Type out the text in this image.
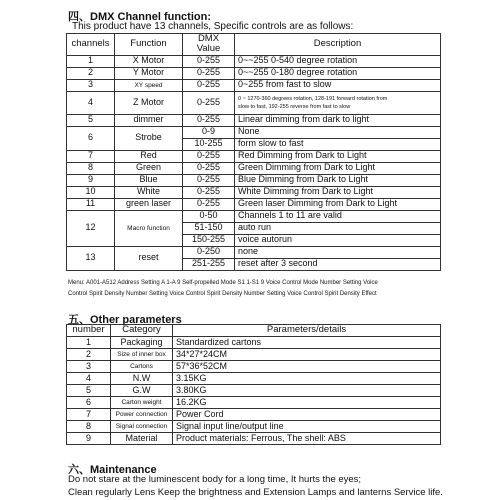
四、DMX Channel function:
This product have 13 channels, Specific controls are as follows:
channels	Function	DMX Value	Description
1	X Motor	0-255	0~~255 0-540 degree rotation
2	Y Motor	0-255	0~~255 0-180 degree rotation
3	XY speed	0-255	0~255 from fast to slow
4	Z Motor	0-255	0 ~ 1270-360 degrees rotation, 128-191 forward rotation from
slow to fast, 192-255 reverse from fast to slow

5	dimmer	0-255	Linear dimming from dark to light
6	Strobe	0-9	None
		10-255	form slow to fast
7	Red	0-255	Red Dimming from Dark to Light
8	Green	0-255	Green Dimming from Dark to Light
9	Blue	0-255	Blue Dimming from Dark to Light
10	White	0-255	White Dimming from Dark to Light
11	green laser	0-255	Green laser Dimming from Dark to Light
12	Macro function	0-50	Channels 1 to 11 are valid
		51-150	auto run
		150-255	voice autorun
13	reset	0-250	none
		251-255	reset after 3 second
Menu: A001-A512 Address Setting A 1-A 9 Self-propelled Mode S1 1-S1 9 Voice Control Mode Number Setting Voice
Control Spirit Density Number Setting Voice Control Spirit Density Number Setting Voice Control Spirit Density Effect
五、Other parameters
number	Category	Parameters/details
1	Packaging	Standardized cartons
2	Size of inner box	34*27*24CM
3	Cartons	57*36*52CM
4	N.W	3.15KG
5	G.W	3.80KG
6	Carton weight	16.2KG
7	Power connection	Power Cord
8	Signal connection	Signal input line/output line
9	Material	Product materials: Ferrous, The shell: ABS
六、Maintenance
Do not stare at the luminescent body for a long time, It hurts the eyes;
Clean regularly Lens Keep the brightness and Extension Lamps and lanterns Service life.
